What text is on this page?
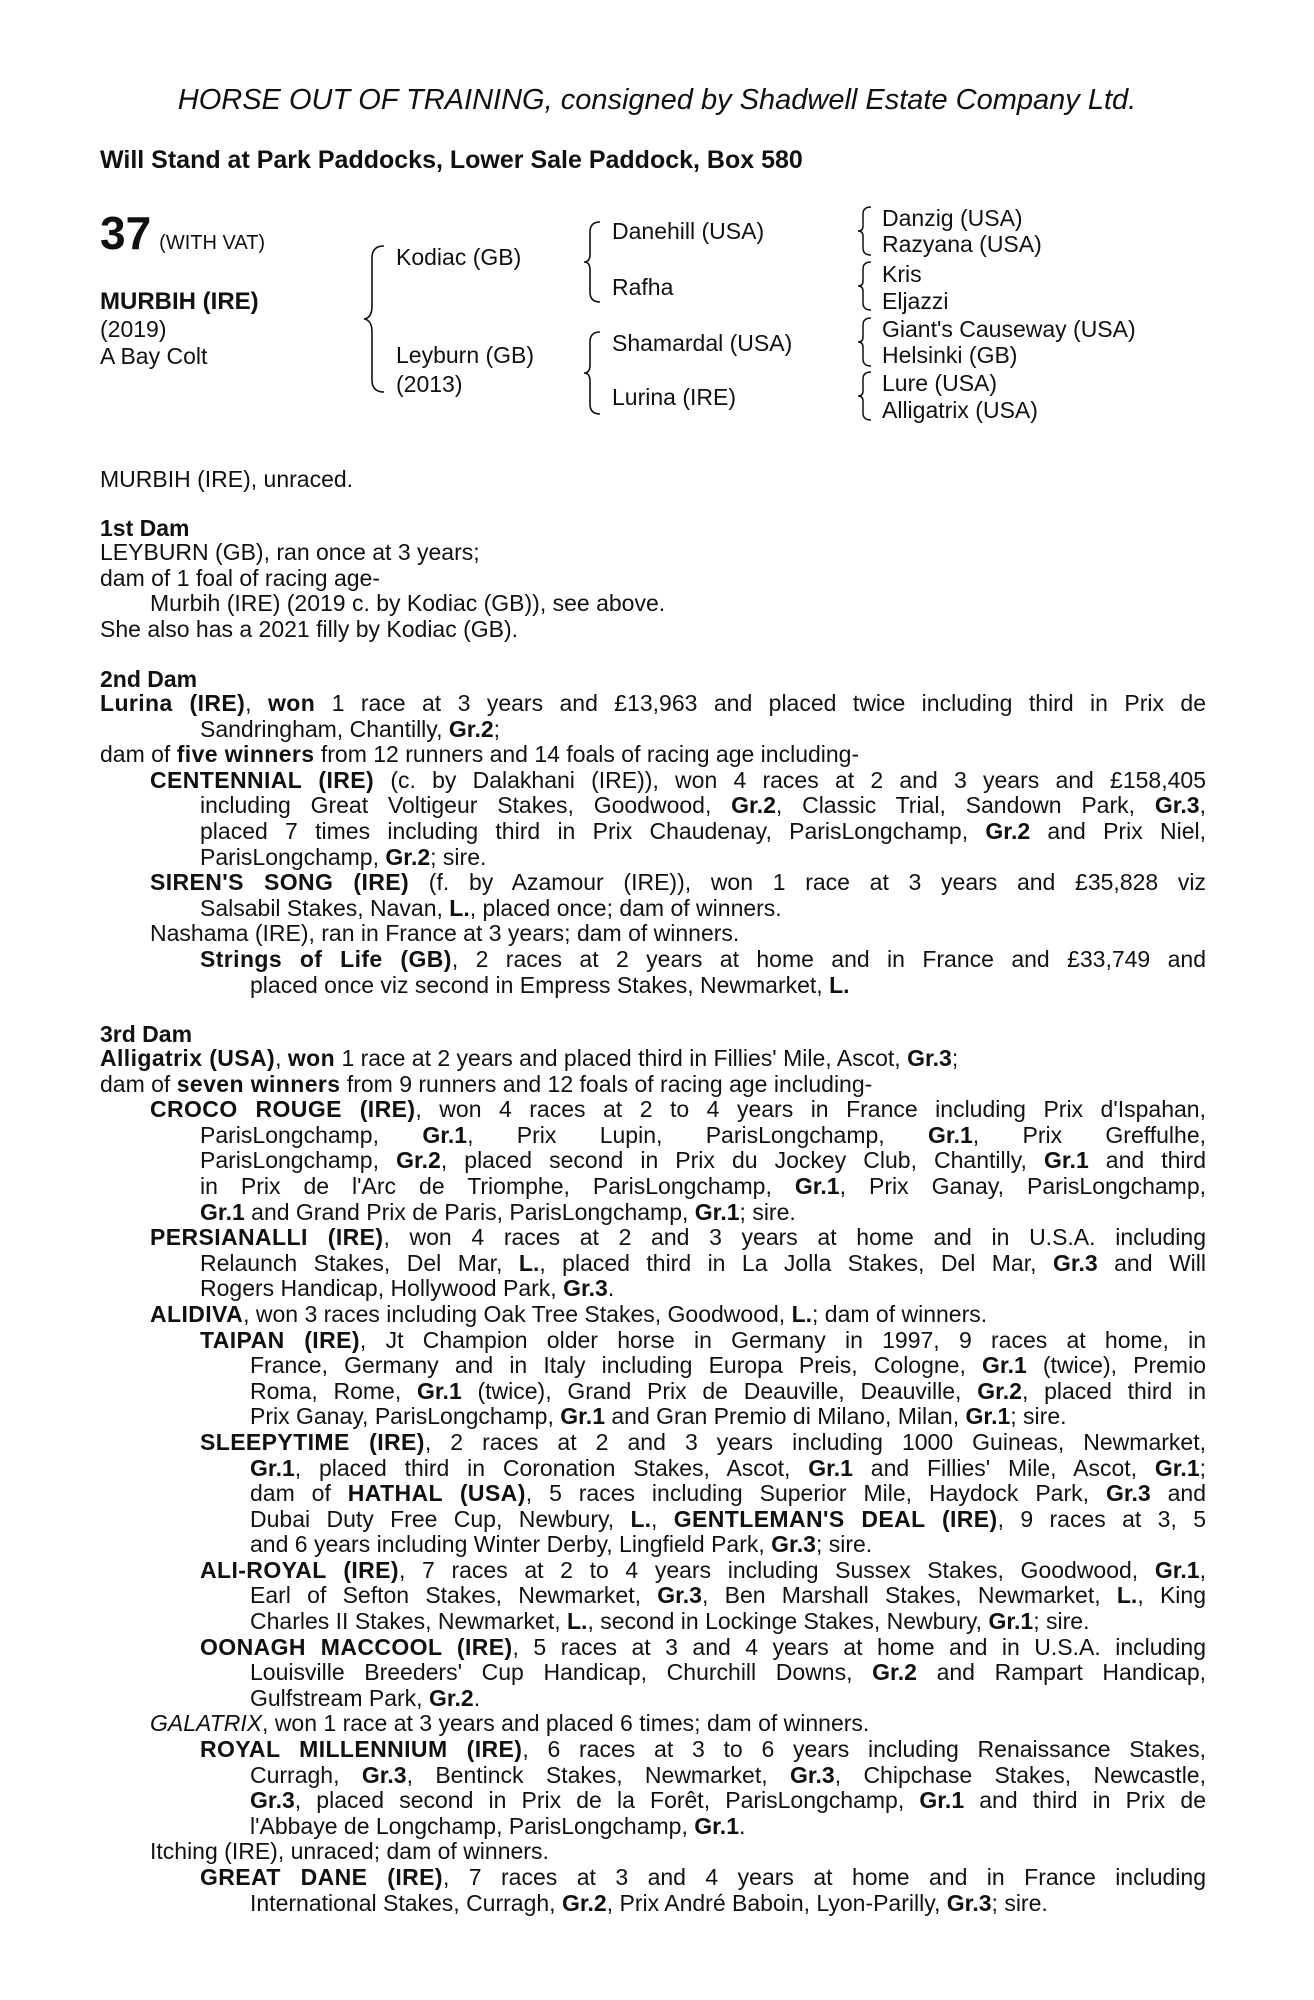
HORSE OUT OF TRAINING, consigned by Shadwell Estate Company Ltd.
Will Stand at Park Paddocks, Lower Sale Paddock, Box 580
37 (WITH VAT)
MURBIH (IRE)
(2019)
A Bay Colt
Kodiac (GB)
Leyburn (GB)
(2013)
Danehill (USA)
Rafha
Shamardal (USA)
Lurina (IRE)
Danzig (USA)
Razyana (USA)
Kris
Eljazzi
Giant's Causeway (USA)
Helsinki (GB)
Lure (USA)
Alligatrix (USA)
MURBIH (IRE), unraced.
1st Dam
LEYBURN (GB), ran once at 3 years;
dam of 1 foal of racing age-
Murbih (IRE) (2019 c. by Kodiac (GB)), see above.
She also has a 2021 filly by Kodiac (GB).
2nd Dam
Lurina (IRE), won 1 race at 3 years and £13,963 and placed twice including third in Prix de
Sandringham, Chantilly, Gr.2;
dam of five winners from 12 runners and 14 foals of racing age including-
CENTENNIAL (IRE) (c. by Dalakhani (IRE)), won 4 races at 2 and 3 years and £158,405
including Great Voltigeur Stakes, Goodwood, Gr.2, Classic Trial, Sandown Park, Gr.3,
placed 7 times including third in Prix Chaudenay, ParisLongchamp, Gr.2 and Prix Niel,
ParisLongchamp, Gr.2; sire.
SIREN'S SONG (IRE) (f. by Azamour (IRE)), won 1 race at 3 years and £35,828 viz
Salsabil Stakes, Navan, L., placed once; dam of winners.
Nashama (IRE), ran in France at 3 years; dam of winners.
Strings of Life (GB), 2 races at 2 years at home and in France and £33,749 and
placed once viz second in Empress Stakes, Newmarket, L.
3rd Dam
Alligatrix (USA), won 1 race at 2 years and placed third in Fillies' Mile, Ascot, Gr.3;
dam of seven winners from 9 runners and 12 foals of racing age including-
CROCO ROUGE (IRE), won 4 races at 2 to 4 years in France including Prix d'Ispahan,
ParisLongchamp, Gr.1, Prix Lupin, ParisLongchamp, Gr.1, Prix Greffulhe,
ParisLongchamp, Gr.2, placed second in Prix du Jockey Club, Chantilly, Gr.1 and third
in Prix de l'Arc de Triomphe, ParisLongchamp, Gr.1, Prix Ganay, ParisLongchamp,
Gr.1 and Grand Prix de Paris, ParisLongchamp, Gr.1; sire.
PERSIANALLI (IRE), won 4 races at 2 and 3 years at home and in U.S.A. including
Relaunch Stakes, Del Mar, L., placed third in La Jolla Stakes, Del Mar, Gr.3 and Will
Rogers Handicap, Hollywood Park, Gr.3.
ALIDIVA, won 3 races including Oak Tree Stakes, Goodwood, L.; dam of winners.
TAIPAN (IRE), Jt Champion older horse in Germany in 1997, 9 races at home, in
France, Germany and in Italy including Europa Preis, Cologne, Gr.1 (twice), Premio
Roma, Rome, Gr.1 (twice), Grand Prix de Deauville, Deauville, Gr.2, placed third in
Prix Ganay, ParisLongchamp, Gr.1 and Gran Premio di Milano, Milan, Gr.1; sire.
SLEEPYTIME (IRE), 2 races at 2 and 3 years including 1000 Guineas, Newmarket,
Gr.1, placed third in Coronation Stakes, Ascot, Gr.1 and Fillies' Mile, Ascot, Gr.1;
dam of HATHAL (USA), 5 races including Superior Mile, Haydock Park, Gr.3 and
Dubai Duty Free Cup, Newbury, L., GENTLEMAN'S DEAL (IRE), 9 races at 3, 5
and 6 years including Winter Derby, Lingfield Park, Gr.3; sire.
ALI-ROYAL (IRE), 7 races at 2 to 4 years including Sussex Stakes, Goodwood, Gr.1,
Earl of Sefton Stakes, Newmarket, Gr.3, Ben Marshall Stakes, Newmarket, L., King
Charles II Stakes, Newmarket, L., second in Lockinge Stakes, Newbury, Gr.1; sire.
OONAGH MACCOOL (IRE), 5 races at 3 and 4 years at home and in U.S.A. including
Louisville Breeders' Cup Handicap, Churchill Downs, Gr.2 and Rampart Handicap,
Gulfstream Park, Gr.2.
GALATRIX, won 1 race at 3 years and placed 6 times; dam of winners.
ROYAL MILLENNIUM (IRE), 6 races at 3 to 6 years including Renaissance Stakes,
Curragh, Gr.3, Bentinck Stakes, Newmarket, Gr.3, Chipchase Stakes, Newcastle,
Gr.3, placed second in Prix de la Forêt, ParisLongchamp, Gr.1 and third in Prix de
l'Abbaye de Longchamp, ParisLongchamp, Gr.1.
Itching (IRE), unraced; dam of winners.
GREAT DANE (IRE), 7 races at 3 and 4 years at home and in France including
International Stakes, Curragh, Gr.2, Prix André Baboin, Lyon-Parilly, Gr.3; sire.
